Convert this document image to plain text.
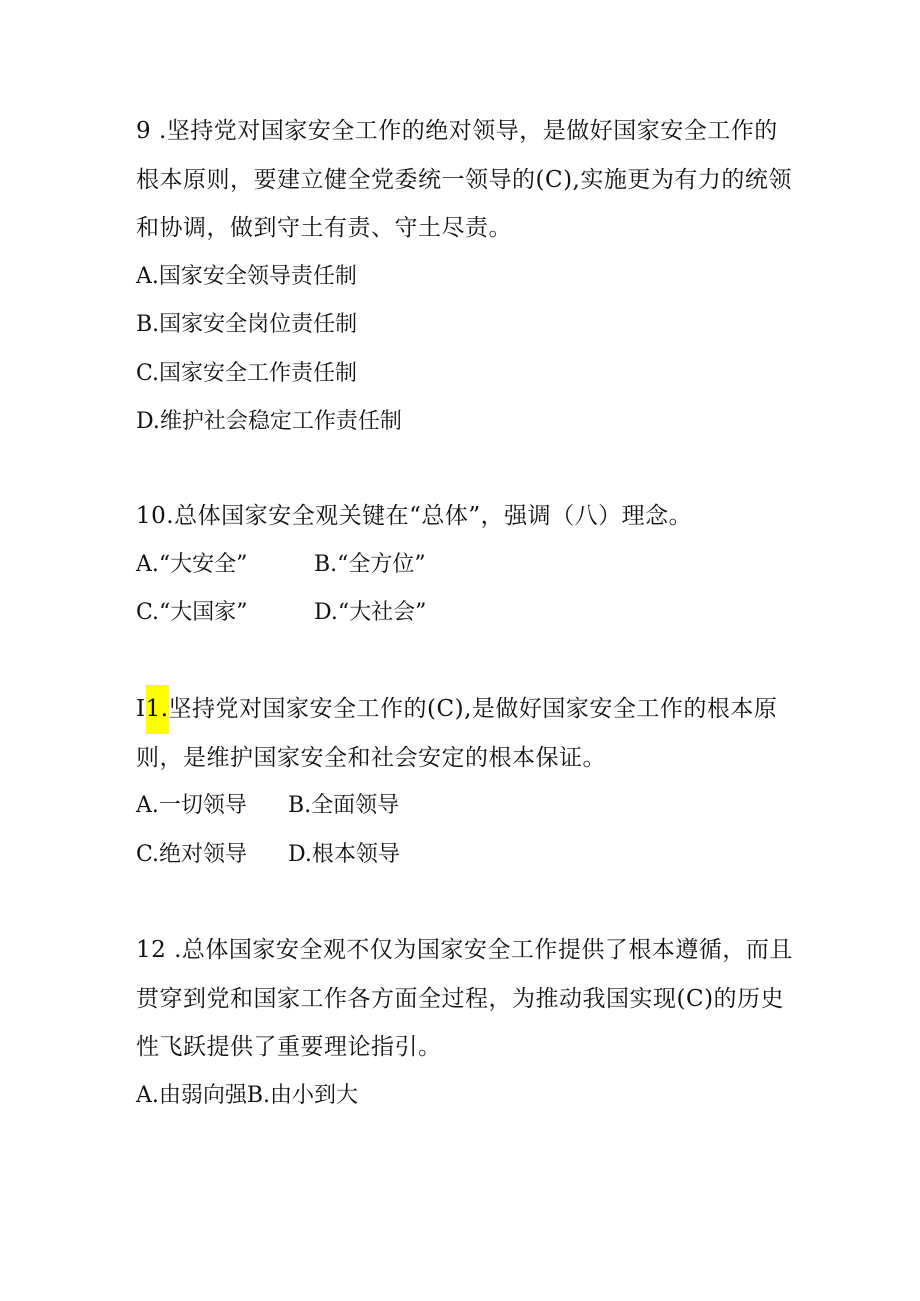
9 .坚持党对国家安全工作的绝对领导，是做好国家安全工作的根本原则，要建立健全党委统一领导的(C),实施更为有力的统领和协调，做到守土有责、守土尽责。

A.国家安全领导责任制

B.国家安全岗位责任制

C.国家安全工作责任制

D.维护社会稳定工作责任制

10.总体国家安全观关键在“总体”，强调（八）理念。

A.“大安全”	B.“全方位”

C.“大国家”	D.“大社会”

I1.坚持党对国家安全工作的(C),是做好国家安全工作的根本原则，是维护国家安全和社会安定的根本保证。

A.一切领导 B.全面领导

C.绝对领导 D.根本领导

12 .总体国家安全观不仅为国家安全工作提供了根本遵循，而且贯穿到党和国家工作各方面全过程，为推动我国实现(C)的历史性飞跃提供了重要理论指引。

A.由弱向强B.由小到大
